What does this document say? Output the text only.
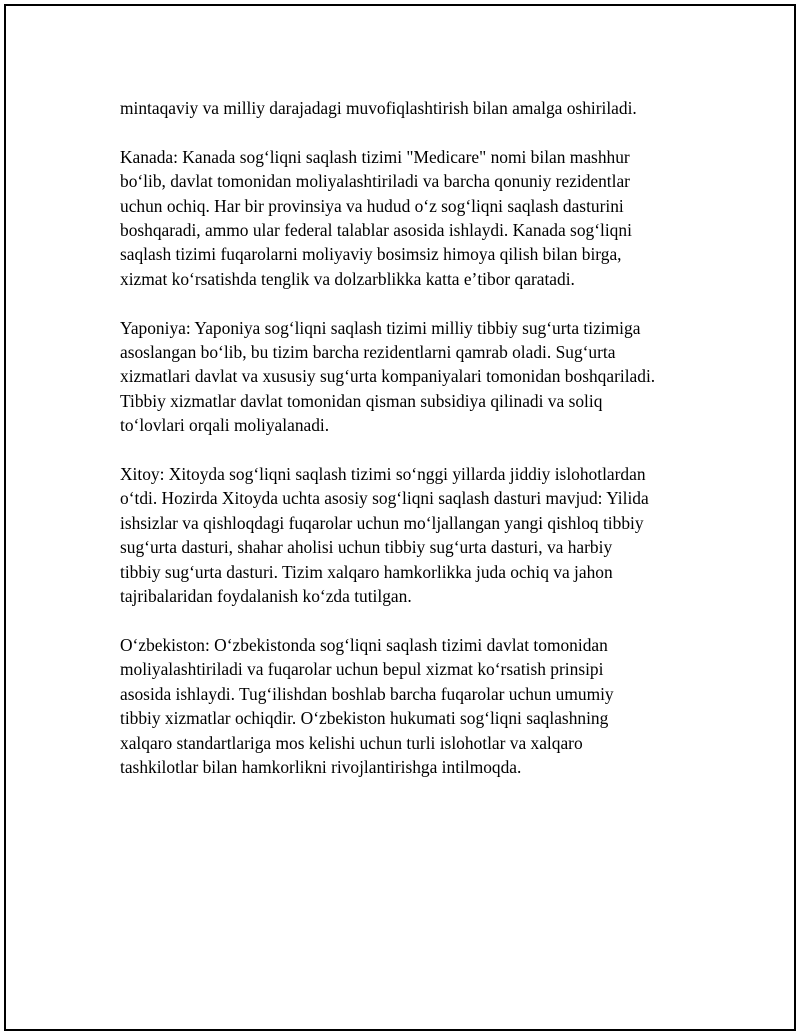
mintaqaviy va milliy darajadagi muvofiqlashtirish bilan amalga oshiriladi.

Kanada: Kanada sogʻliqni saqlash tizimi "Medicare" nomi bilan mashhur
boʻlib, davlat tomonidan moliyalashtiriladi va barcha qonuniy rezidentlar
uchun ochiq. Har bir provinsiya va hudud oʻz sogʻliqni saqlash dasturini
boshqaradi, ammo ular federal talablar asosida ishlaydi. Kanada sogʻliqni
saqlash tizimi fuqarolarni moliyaviy bosimsiz himoya qilish bilan birga,
xizmat koʻrsatishda tenglik va dolzarblikka katta eʼtibor qaratadi.

Yaponiya: Yaponiya sogʻliqni saqlash tizimi milliy tibbiy sugʻurta tizimiga
asoslangan boʻlib, bu tizim barcha rezidentlarni qamrab oladi. Sugʻurta
xizmatlari davlat va xususiy sugʻurta kompaniyalari tomonidan boshqariladi.
Tibbiy xizmatlar davlat tomonidan qisman subsidiya qilinadi va soliq
toʻlovlari orqali moliyalanadi.

Xitoy: Xitoyda sogʻliqni saqlash tizimi soʻnggi yillarda jiddiy islohotlardan
oʻtdi. Hozirda Xitoyda uchta asosiy sogʻliqni saqlash dasturi mavjud: Yilida
ishsizlar va qishloqdagi fuqarolar uchun moʻljallangan yangi qishloq tibbiy
sugʻurta dasturi, shahar aholisi uchun tibbiy sugʻurta dasturi, va harbiy
tibbiy sugʻurta dasturi. Tizim xalqaro hamkorlikka juda ochiq va jahon
tajribalaridan foydalanish koʻzda tutilgan.

Oʻzbekiston: Oʻzbekistonda sogʻliqni saqlash tizimi davlat tomonidan
moliyalashtiriladi va fuqarolar uchun bepul xizmat koʻrsatish prinsipi
asosida ishlaydi. Tugʻilishdan boshlab barcha fuqarolar uchun umumiy
tibbiy xizmatlar ochiqdir. Oʻzbekiston hukumati sogʻliqni saqlashning
xalqaro standartlariga mos kelishi uchun turli islohotlar va xalqaro
tashkilotlar bilan hamkorlikni rivojlantirishga intilmoqda.
